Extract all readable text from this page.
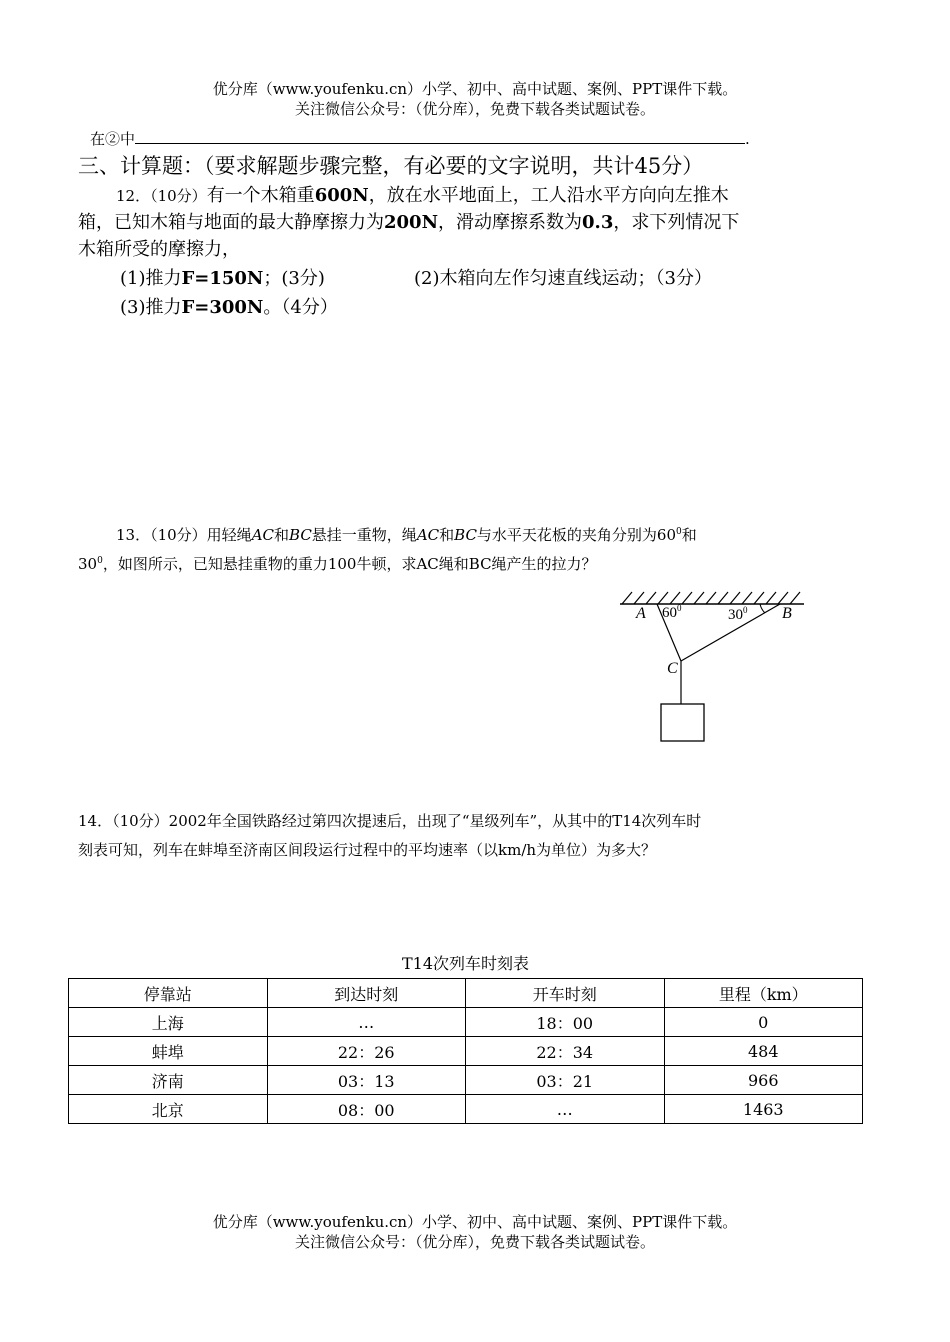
优分库（www.youfenku.cn）小学、初中、高中试题、案例、PPT课件下载。
关注微信公众号：（优分库），免费下载各类试题试卷。
在②中	.
三、计算题：（要求解题步骤完整，有必要的文字说明，共计45分）
12．（10分）有一个木箱重600N，放在水平地面上，工人沿水平方向向左推木
箱，已知木箱与地面的最大静摩擦力为200N，滑动摩擦系数为0.3，求下列情况下
木箱所受的摩擦力，
(1)推力F=150N；(3分)	(2)木箱向左作匀速直线运动；（3分）
(3)推力F=300N。（4分）
13．（10分）用轻绳AC和BC悬挂一重物，绳AC和BC与水平天花板的夹角分别为$60^0$和
$30^0$，如图所示，已知悬挂重物的重力100牛顿，求AC绳和BC绳产生的拉力？
A $60^0$	$30^0$ B
C
14．（10分）2002年全国铁路经过第四次提速后，出现了“星级列车”，从其中的T14次列车时
刻表可知，列车在蚌埠至济南区间段运行过程中的平均速率（以km/h为单位）为多大？
T14次列车时刻表
停靠站	到达时刻	开车时刻	里程（km）
上海	…	18：00	0
蚌埠	22：26	22：34	484
济南	03：13	03：21	966
北京	08：00	…	1463
优分库（www.youfenku.cn）小学、初中、高中试题、案例、PPT课件下载。
关注微信公众号：（优分库），免费下载各类试题试卷。
